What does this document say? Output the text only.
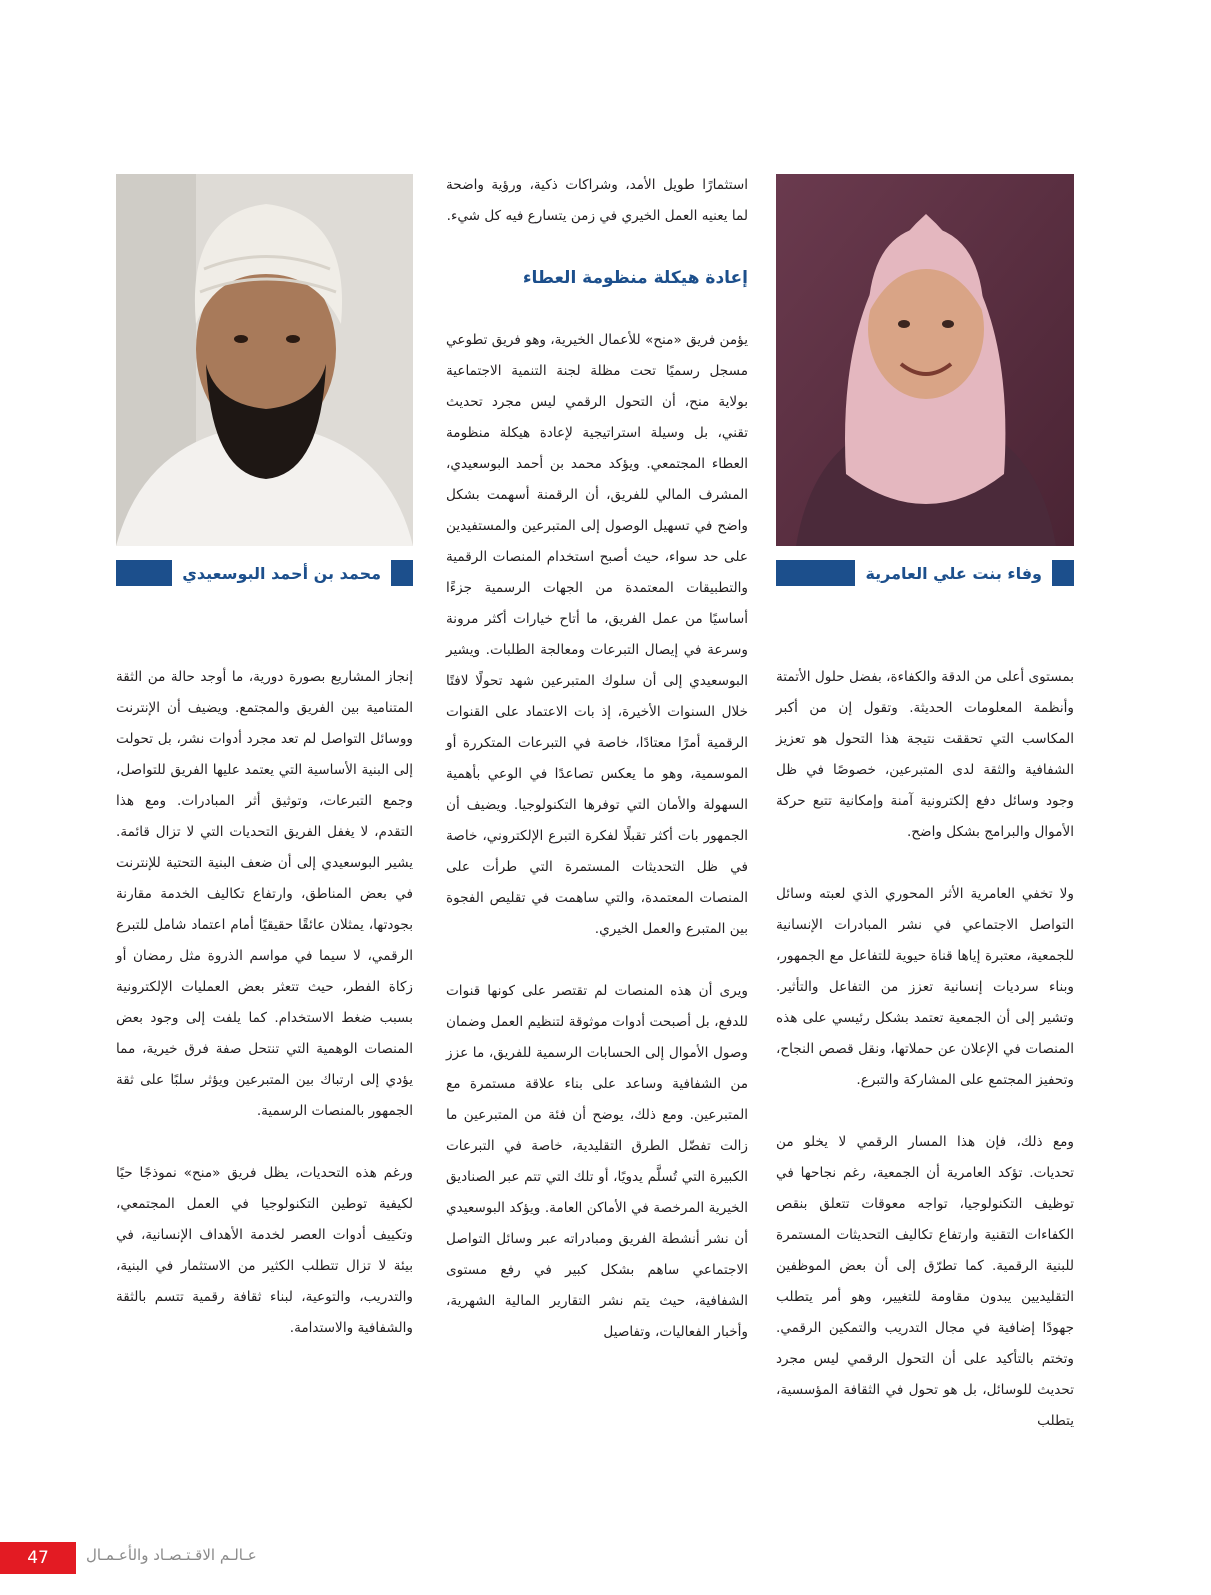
وفاء بنت علي العامرية
محمد بن أحمد البوسعيدي

استثمارًا طويل الأمد، وشراكات ذكية، ورؤية واضحة لما يعنيه العمل الخيري في زمن يتسارع فيه كل شيء.

إعادة هيكلة منظومة العطاء

يؤمن فريق «منح» للأعمال الخيرية، وهو فريق تطوعي مسجل رسميًا تحت مظلة لجنة التنمية الاجتماعية بولاية منح، أن التحول الرقمي ليس مجرد تحديث تقني، بل وسيلة استراتيجية لإعادة هيكلة منظومة العطاء المجتمعي. ويؤكد محمد بن أحمد البوسعيدي، المشرف المالي للفريق، أن الرقمنة أسهمت بشكل واضح في تسهيل الوصول إلى المتبرعين والمستفيدين على حد سواء، حيث أصبح استخدام المنصات الرقمية والتطبيقات المعتمدة من الجهات الرسمية جزءًا أساسيًا من عمل الفريق، ما أتاح خيارات أكثر مرونة وسرعة في إيصال التبرعات ومعالجة الطلبات. ويشير البوسعيدي إلى أن سلوك المتبرعين شهد تحولًا لافتًا خلال السنوات الأخيرة، إذ بات الاعتماد على القنوات الرقمية أمرًا معتادًا، خاصة في التبرعات المتكررة أو الموسمية، وهو ما يعكس تصاعدًا في الوعي بأهمية السهولة والأمان التي توفرها التكنولوجيا. ويضيف أن الجمهور بات أكثر تقبلًا لفكرة التبرع الإلكتروني، خاصة في ظل التحديثات المستمرة التي طرأت على المنصات المعتمدة، والتي ساهمت في تقليص الفجوة بين المتبرع والعمل الخيري.

ويرى أن هذه المنصات لم تقتصر على كونها قنوات للدفع، بل أصبحت أدوات موثوقة لتنظيم العمل وضمان وصول الأموال إلى الحسابات الرسمية للفريق، ما عزز من الشفافية وساعد على بناء علاقة مستمرة مع المتبرعين. ومع ذلك، يوضح أن فئة من المتبرعين ما زالت تفضّل الطرق التقليدية، خاصة في التبرعات الكبيرة التي تُسلَّم يدويًا، أو تلك التي تتم عبر الصناديق الخيرية المرخصة في الأماكن العامة. ويؤكد البوسعيدي أن نشر أنشطة الفريق ومبادراته عبر وسائل التواصل الاجتماعي ساهم بشكل كبير في رفع مستوى الشفافية، حيث يتم نشر التقارير المالية الشهرية، وأخبار الفعاليات، وتفاصيل

بمستوى أعلى من الدقة والكفاءة، بفضل حلول الأتمتة وأنظمة المعلومات الحديثة. وتقول إن من أكبر المكاسب التي تحققت نتيجة هذا التحول هو تعزيز الشفافية والثقة لدى المتبرعين، خصوصًا في ظل وجود وسائل دفع إلكترونية آمنة وإمكانية تتبع حركة الأموال والبرامج بشكل واضح.

ولا تخفي العامرية الأثر المحوري الذي لعبته وسائل التواصل الاجتماعي في نشر المبادرات الإنسانية للجمعية، معتبرة إياها قناة حيوية للتفاعل مع الجمهور، وبناء سرديات إنسانية تعزز من التفاعل والتأثير. وتشير إلى أن الجمعية تعتمد بشكل رئيسي على هذه المنصات في الإعلان عن حملاتها، ونقل قصص النجاح، وتحفيز المجتمع على المشاركة والتبرع.

ومع ذلك، فإن هذا المسار الرقمي لا يخلو من تحديات. تؤكد العامرية أن الجمعية، رغم نجاحها في توظيف التكنولوجيا، تواجه معوقات تتعلق بنقص الكفاءات التقنية وارتفاع تكاليف التحديثات المستمرة للبنية الرقمية. كما تطرّق إلى أن بعض الموظفين التقليديين يبدون مقاومة للتغيير، وهو أمر يتطلب جهودًا إضافية في مجال التدريب والتمكين الرقمي. وتختم بالتأكيد على أن التحول الرقمي ليس مجرد تحديث للوسائل، بل هو تحول في الثقافة المؤسسية، يتطلب

إنجاز المشاريع بصورة دورية، ما أوجد حالة من الثقة المتنامية بين الفريق والمجتمع. ويضيف أن الإنترنت ووسائل التواصل لم تعد مجرد أدوات نشر، بل تحولت إلى البنية الأساسية التي يعتمد عليها الفريق للتواصل، وجمع التبرعات، وتوثيق أثر المبادرات. ومع هذا التقدم، لا يغفل الفريق التحديات التي لا تزال قائمة. يشير البوسعيدي إلى أن ضعف البنية التحتية للإنترنت في بعض المناطق، وارتفاع تكاليف الخدمة مقارنة بجودتها، يمثلان عائقًا حقيقيًا أمام اعتماد شامل للتبرع الرقمي، لا سيما في مواسم الذروة مثل رمضان أو زكاة الفطر، حيث تتعثر بعض العمليات الإلكترونية بسبب ضغط الاستخدام. كما يلفت إلى وجود بعض المنصات الوهمية التي تنتحل صفة فرق خيرية، مما يؤدي إلى ارتباك بين المتبرعين ويؤثر سلبًا على ثقة الجمهور بالمنصات الرسمية.

ورغم هذه التحديات، يظل فريق «منح» نموذجًا حيًا لكيفية توطين التكنولوجيا في العمل المجتمعي، وتكييف أدوات العصر لخدمة الأهداف الإنسانية، في بيئة لا تزال تتطلب الكثير من الاستثمار في البنية، والتدريب، والتوعية، لبناء ثقافة رقمية تتسم بالثقة والشفافية والاستدامة.

47	عـالـم الاقـتـصـاد والأعـمـال
